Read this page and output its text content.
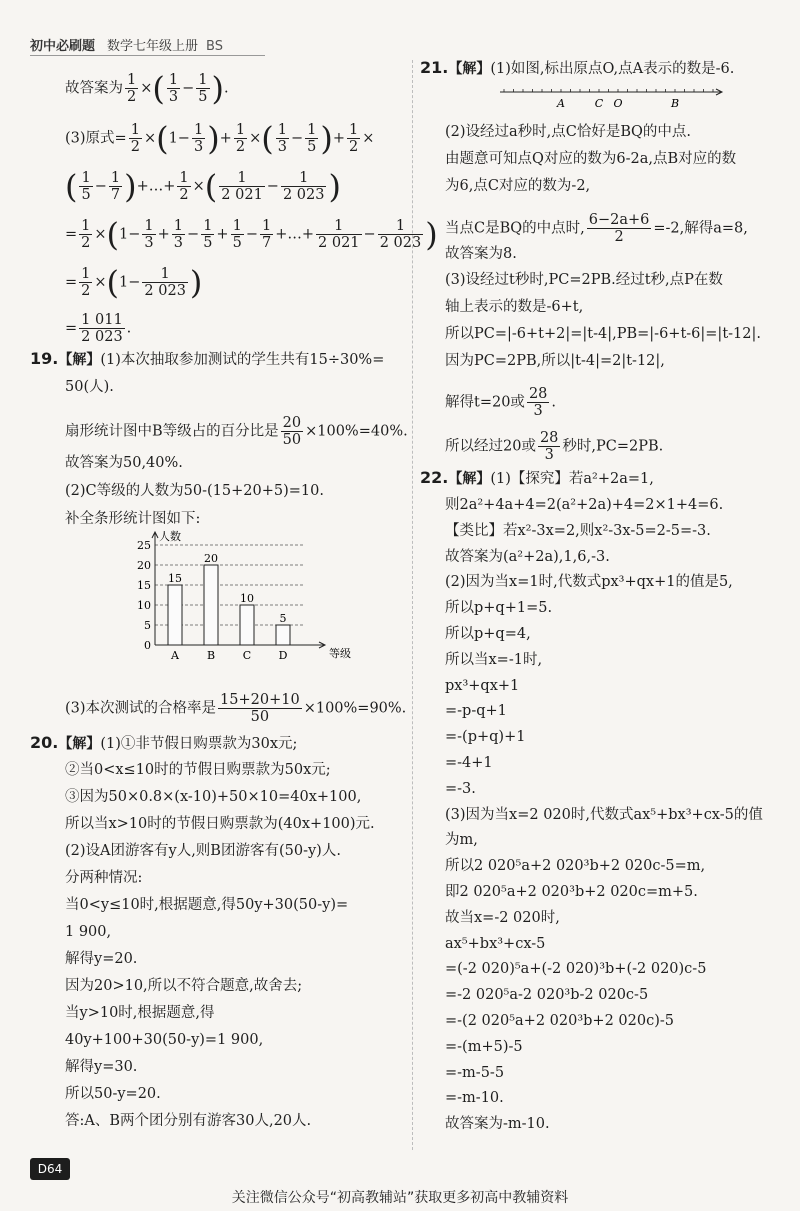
初中必刷题 数学七年级上册 BS
故答案为 $\frac{1}{2}$ ×( $\frac{1}{3} - \frac{1}{5}$ ).
(3)原式= $\frac{1}{2} \times(1- \frac{1}{3}$ )+ $\frac{1}{2}$ ×( $\frac{1}{3} - \frac{1}{5}$ )+ $\frac{1}{2}$ ×
( $\frac{1}{5} - \frac{1}{7}$ )+…+ $\frac{1}{2}$ ×( $\frac{1}{2 021} - \frac{1}{2 023}$ )
= $\frac{1}{2} \times(1- \frac{1}{3} + \frac{1}{3} - \frac{1}{5} + \frac{1}{5} - \frac{1}{7}$ +…+ $\frac{1}{2 021} - \frac{1}{2 023}$ )
= $\frac{1}{2} \times(1- \frac{1}{2 023}$ )
= $\frac{1 011}{2 023}$ .
19.【解】(1)本次抽取参加测试的学生共有15÷30%=
50(人).
扇形统计图中B等级占的百分比是 $\frac{20}{50} \times 100\%=40\%$.
故答案为50,40%.
(2)C等级的人数为50-(15+20+5)=10.
补全条形统计图如下:
0
5
10
15
20
25
人数
等级
15
A
20
B
10
C
5
D
(3)本次测试的合格率是 $\frac{15+20+10}{50} \times 100\%=90\%$.
20.【解】(1)①非节假日购票款为30x元;
②当0<x≤10时的节假日购票款为50x元;
③因为50×0.8×(x-10)+50×10=40x+100,
所以当x>10时的节假日购票款为(40x+100)元.
(2)设A团游客有y人,则B团游客有(50-y)人.
分两种情况:
当0<y≤10时,根据题意,得50y+30(50-y)=
1 900,
解得y=20.
因为20>10,所以不符合题意,故舍去;
当y>10时,根据题意,得
40y+100+30(50-y)=1 900,
解得y=30.
所以50-y=20.
答:A、B两个团分别有游客30人,20人.
21.【解】(1)如图,标出原点O,点A表示的数是-6.
A	C O	B
(2)设经过a秒时,点C恰好是BQ的中点.
由题意可知点Q对应的数为6-2a,点B对应的数
为6,点C对应的数为-2,
当点C是BQ的中点时, $\frac{6-2a+6}{2} =-2$,解得a=8,
故答案为8.
(3)设经过t秒时,PC=2PB.经过t秒,点P在数
轴上表示的数是-6+t,
所以PC=|-6+t+2|=|t-4|,PB=|-6+t-6|=|t-12|.
因为PC=2PB,所以|t-4|=2|t-12|,
解得t=20或 $\frac{28}{3}$ .
所以经过20或 $\frac{28}{3}$ 秒时,PC=2PB.
22.【解】(1)【探究】若a²+2a=1,
则2a²+4a+4=2(a²+2a)+4=2×1+4=6.
【类比】若x²-3x=2,则x²-3x-5=2-5=-3.
故答案为(a²+2a),1,6,-3.
(2)因为当x=1时,代数式px³+qx+1的值是5,
所以p+q+1=5.
所以p+q=4,
所以当x=-1时,
px³+qx+1
=-p-q+1
=-(p+q)+1
=-4+1
=-3.
(3)因为当x=2 020时,代数式ax⁵+bx³+cx-5的值
为m,
所以2 020⁵a+2 020³b+2 020c-5=m,
即2 020⁵a+2 020³b+2 020c=m+5.
故当x=-2 020时,
ax⁵+bx³+cx-5
=(-2 020)⁵a+(-2 020)³b+(-2 020)c-5
=-2 020⁵a-2 020³b-2 020c-5
=-(2 020⁵a+2 020³b+2 020c)-5
=-(m+5)-5
=-m-5-5
=-m-10.
故答案为-m-10.
D64
关注微信公众号“初高教辅站”获取更多初高中教辅资料
